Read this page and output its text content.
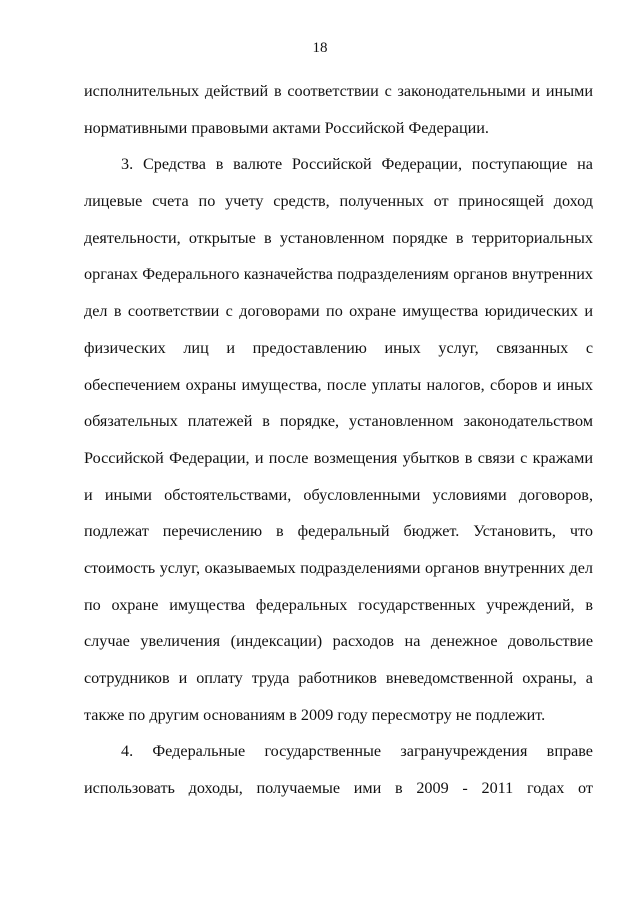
18
исполнительных действий в соответствии с законодательными и иными
нормативными правовыми актами Российской Федерации.
3. Средства в валюте Российской Федерации, поступающие на
лицевые счета по учету средств, полученных от приносящей доход
деятельности, открытые в установленном порядке в территориальных
органах Федерального казначейства подразделениям органов внутренних
дел в соответствии с договорами по охране имущества юридических и
физических лиц и предоставлению иных услуг, связанных с
обеспечением охраны имущества, после уплаты налогов, сборов и иных
обязательных платежей в порядке, установленном законодательством
Российской Федерации, и после возмещения убытков в связи с кражами
и иными обстоятельствами, обусловленными условиями договоров,
подлежат перечислению в федеральный бюджет. Установить, что
стоимость услуг, оказываемых подразделениями органов внутренних дел
по охране имущества федеральных государственных учреждений, в
случае увеличения (индексации) расходов на денежное довольствие
сотрудников и оплату труда работников вневедомственной охраны, а
также по другим основаниям в 2009 году пересмотру не подлежит.
4. Федеральные государственные загранучреждения вправе
использовать доходы, получаемые ими в 2009 - 2011 годах от
